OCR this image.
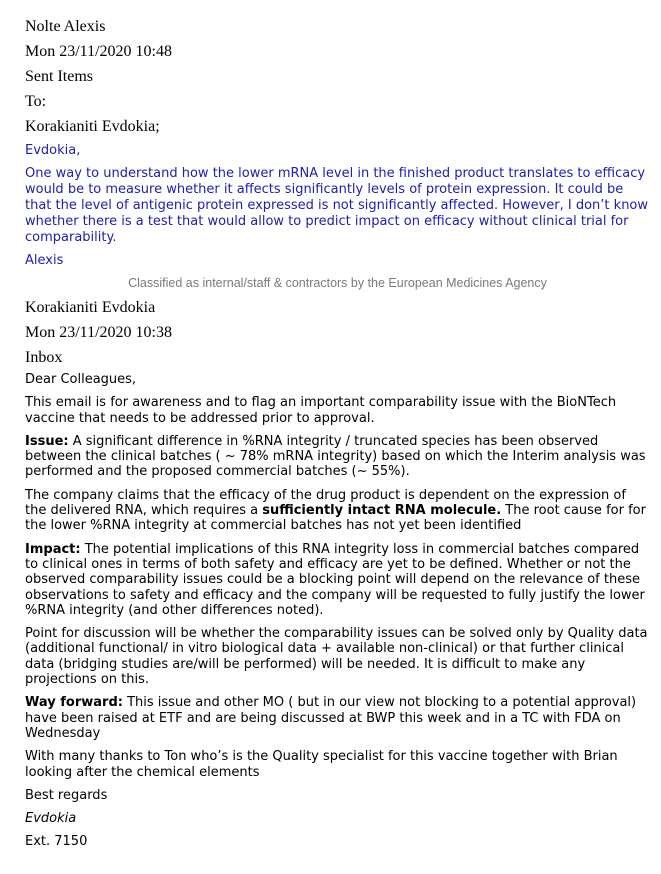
Nolte Alexis

Mon 23/11/2020 10:48

Sent Items

To:

Korakianiti Evdokia;

Evdokia,

One way to understand how the lower mRNA level in the finished product translates to efficacy would be to measure whether it affects significantly levels of protein expression. It could be that the level of antigenic protein expressed is not significantly affected. However, I don’t know whether there is a test that would allow to predict impact on efficacy without clinical trial for comparability.

Alexis

Classified as internal/staff & contractors by the European Medicines Agency

Korakianiti Evdokia

Mon 23/11/2020 10:38

Inbox

Dear Colleagues,

This email is for awareness and to flag an important comparability issue with the BioNTech vaccine that needs to be addressed prior to approval.

Issue: A significant difference in %RNA integrity / truncated species has been observed between the clinical batches ( ~ 78% mRNA integrity) based on which the Interim analysis was performed and the proposed commercial batches (~ 55%).

The company claims that the efficacy of the drug product is dependent on the expression of the delivered RNA, which requires a sufficiently intact RNA molecule. The root cause for for the lower %RNA integrity at commercial batches has not yet been identified

Impact: The potential implications of this RNA integrity loss in commercial batches compared to clinical ones in terms of both safety and efficacy are yet to be defined. Whether or not the observed comparability issues could be a blocking point will depend on the relevance of these observations to safety and efficacy and the company will be requested to fully justify the lower %RNA integrity (and other differences noted).

Point for discussion will be whether the comparability issues can be solved only by Quality data (additional functional/ in vitro biological data + available non-clinical) or that further clinical data (bridging studies are/will be performed) will be needed. It is difficult to make any projections on this.

Way forward: This issue and other MO ( but in our view not blocking to a potential approval) have been raised at ETF and are being discussed at BWP this week and in a TC with FDA on Wednesday

With many thanks to Ton who’s is the Quality specialist for this vaccine together with Brian looking after the chemical elements

Best regards

Evdokia

Ext. 7150
